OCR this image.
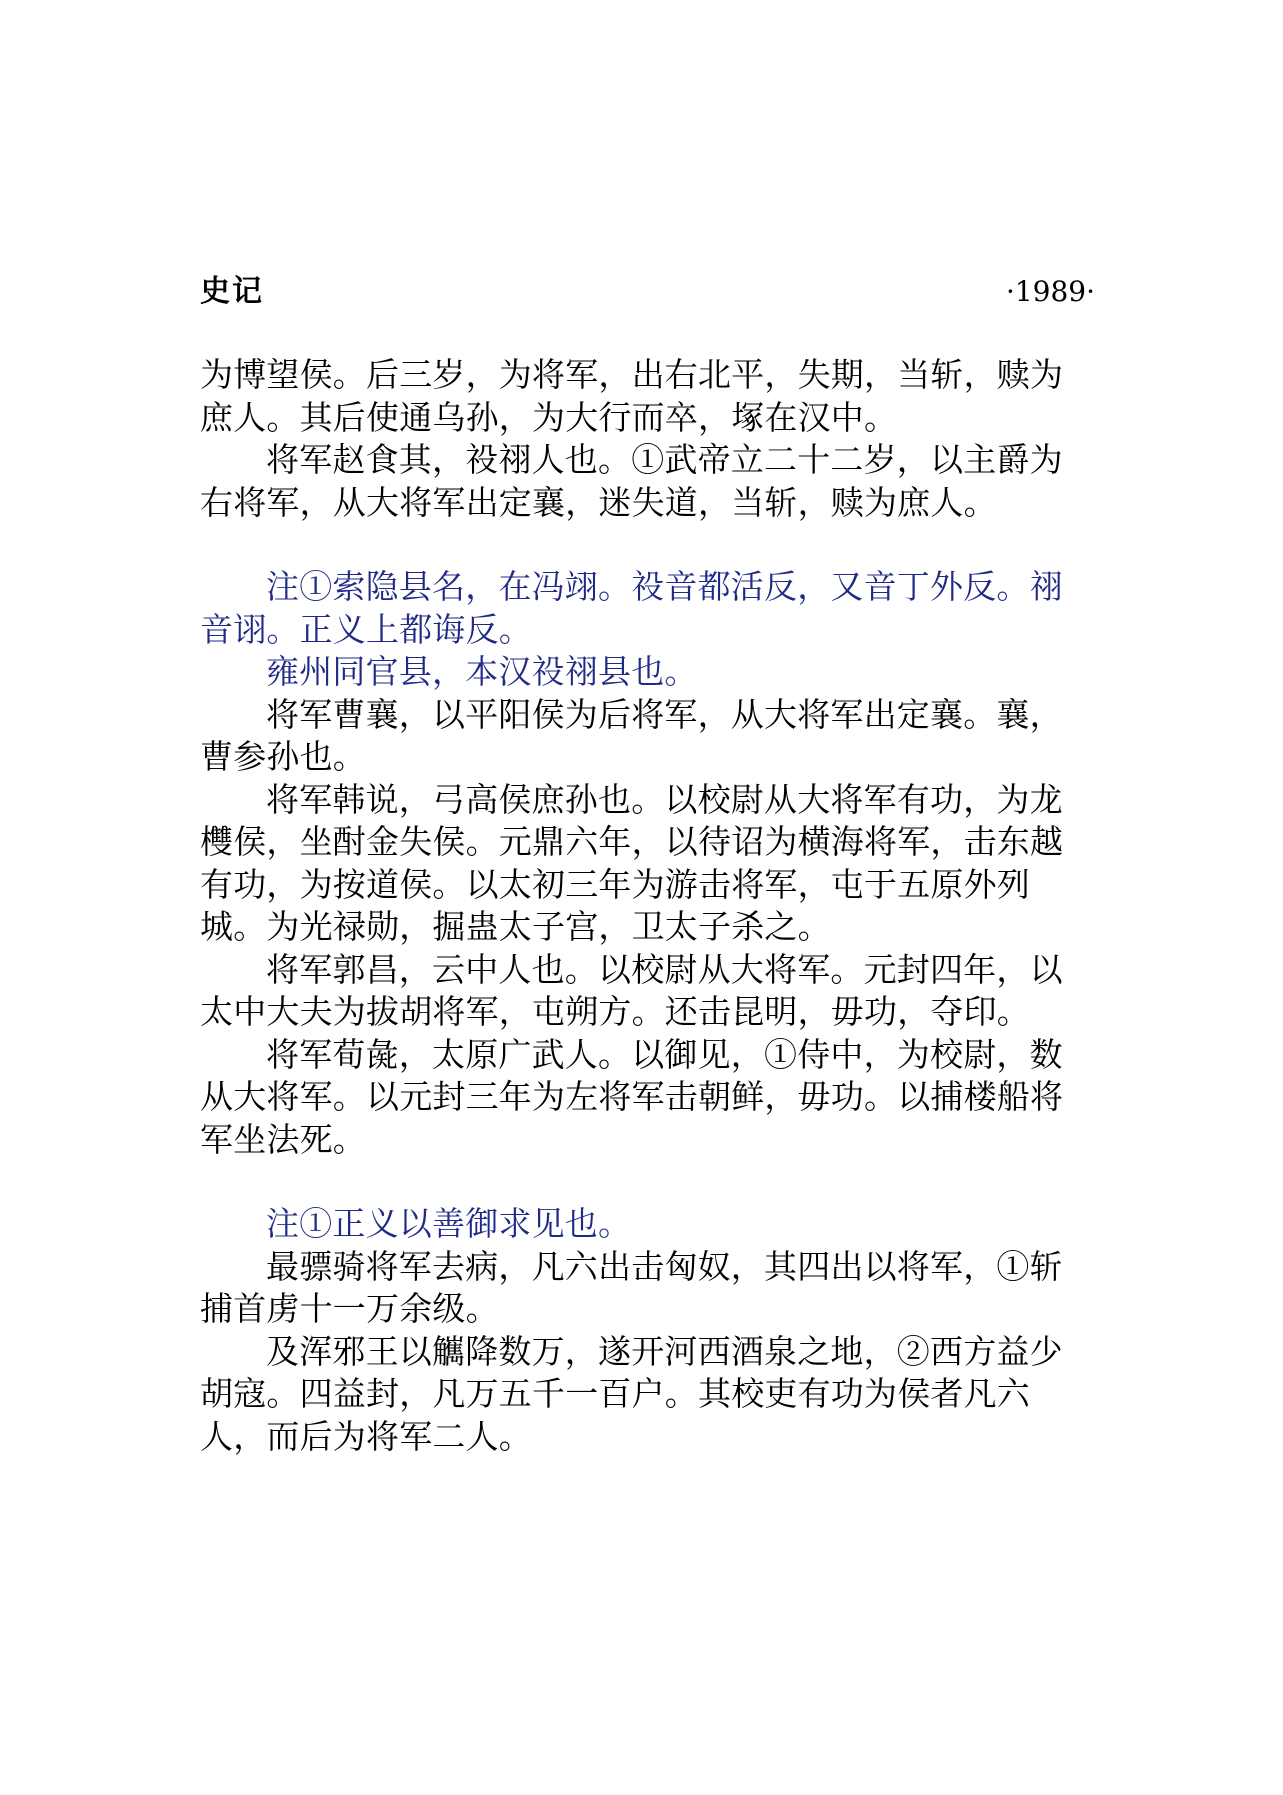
史记	·1989·

为博望侯。后三岁，为将军，出右北平，失期，当斩，赎为庶人。其后使通乌孙，为大行而卒，塚在汉中。

将军赵食其，祋祤人也。①武帝立二十二岁，以主爵为右将军，从大将军出定襄，迷失道，当斩，赎为庶人。

注①索隐县名，在冯翊。祋音都活反，又音丁外反。祤音诩。正义上都诲反。

雍州同官县，本汉祋祤县也。

将军曹襄，以平阳侯为后将军，从大将军出定襄。襄，曹参孙也。

将军韩说，弓高侯庶孙也。以校尉从大将军有功，为龙欆侯，坐酎金失侯。元鼎六年，以待诏为横海将军，击东越有功，为按道侯。以太初三年为游击将军，屯于五原外列城。为光禄勋，掘蛊太子宫，卫太子杀之。

将军郭昌，云中人也。以校尉从大将军。元封四年，以太中大夫为拔胡将军，屯朔方。还击昆明，毋功，夺印。

将军荀彘，太原广武人。以御见，①侍中，为校尉，数从大将军。以元封三年为左将军击朝鲜，毋功。以捕楼船将军坐法死。

注①正义以善御求见也。

最骠骑将军去病，凡六出击匈奴，其四出以将军，①斩捕首虏十一万余级。

及浑邪王以觽降数万，遂开河西酒泉之地，②西方益少胡寇。四益封，凡万五千一百户。其校吏有功为侯者凡六人，而后为将军二人。
